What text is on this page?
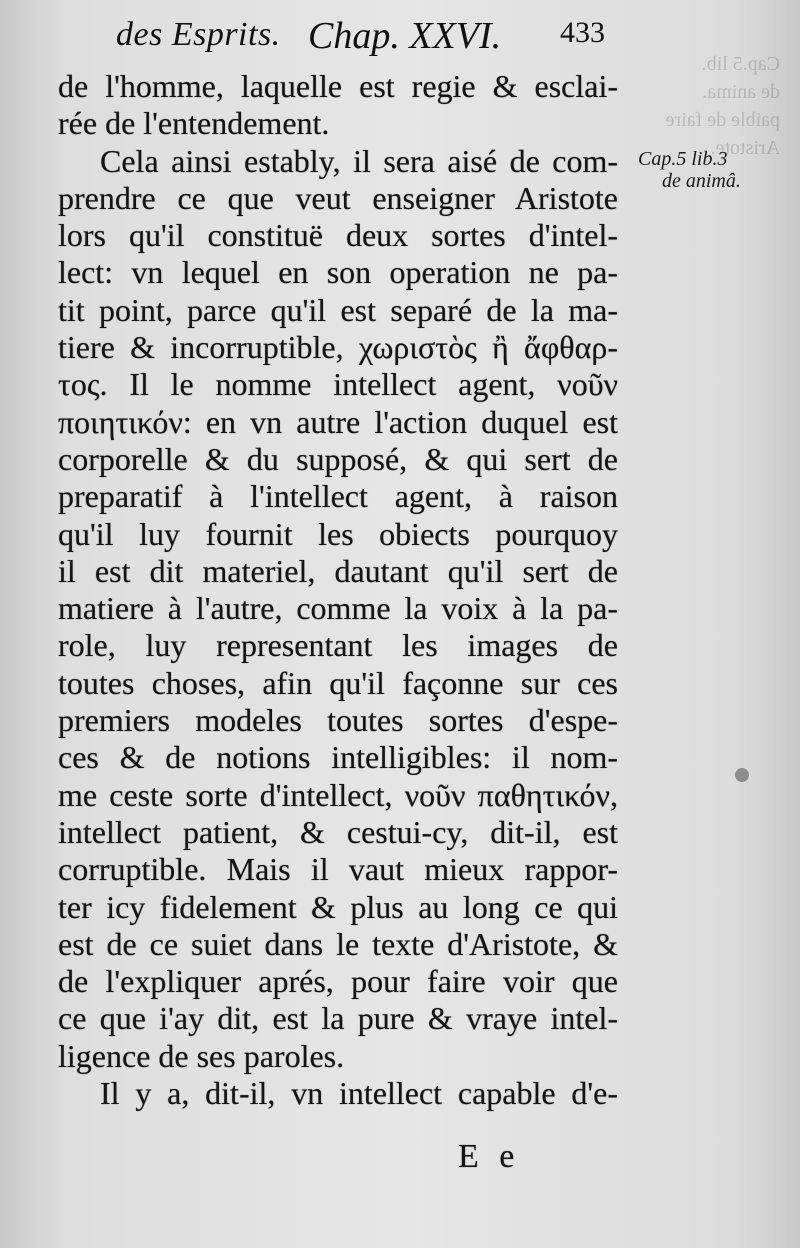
Cap.5 lib.
de anima.
paible de faire
Aristote.
des Esprits. Chap. XXVI. 433
Cap.5 lib.3
de animâ.
de l'homme, laquelle est regie & esclai-
rée de l'entendement.
Cela ainsi estably, il sera aisé de com-
prendre ce que veut enseigner Aristote
lors qu'il constituë deux sortes d'intel-
lect: vn lequel en son operation ne pa-
tit point, parce qu'il est separé de la ma-
tiere & incorruptible, χωριστὸς ἢ ἄφθαρ-
τος. Il le nomme intellect agent, νοῦν
ποιητικόν: en vn autre l'action duquel est
corporelle & du supposé, & qui sert de
preparatif à l'intellect agent, à raison
qu'il luy fournit les obiects pourquoy
il est dit materiel, dautant qu'il sert de
matiere à l'autre, comme la voix à la pa-
role, luy representant les images de
toutes choses, afin qu'il façonne sur ces
premiers modeles toutes sortes d'espe-
ces & de notions intelligibles: il nom-
me ceste sorte d'intellect, νοῦν παθητικόν,
intellect patient, & cestui-cy, dit-il, est
corruptible. Mais il vaut mieux rappor-
ter icy fidelement & plus au long ce qui
est de ce suiet dans le texte d'Aristote, &
de l'expliquer aprés, pour faire voir que
ce que i'ay dit, est la pure & vraye intel-
ligence de ses paroles.
Il y a, dit-il, vn intellect capable d'e-
E e
